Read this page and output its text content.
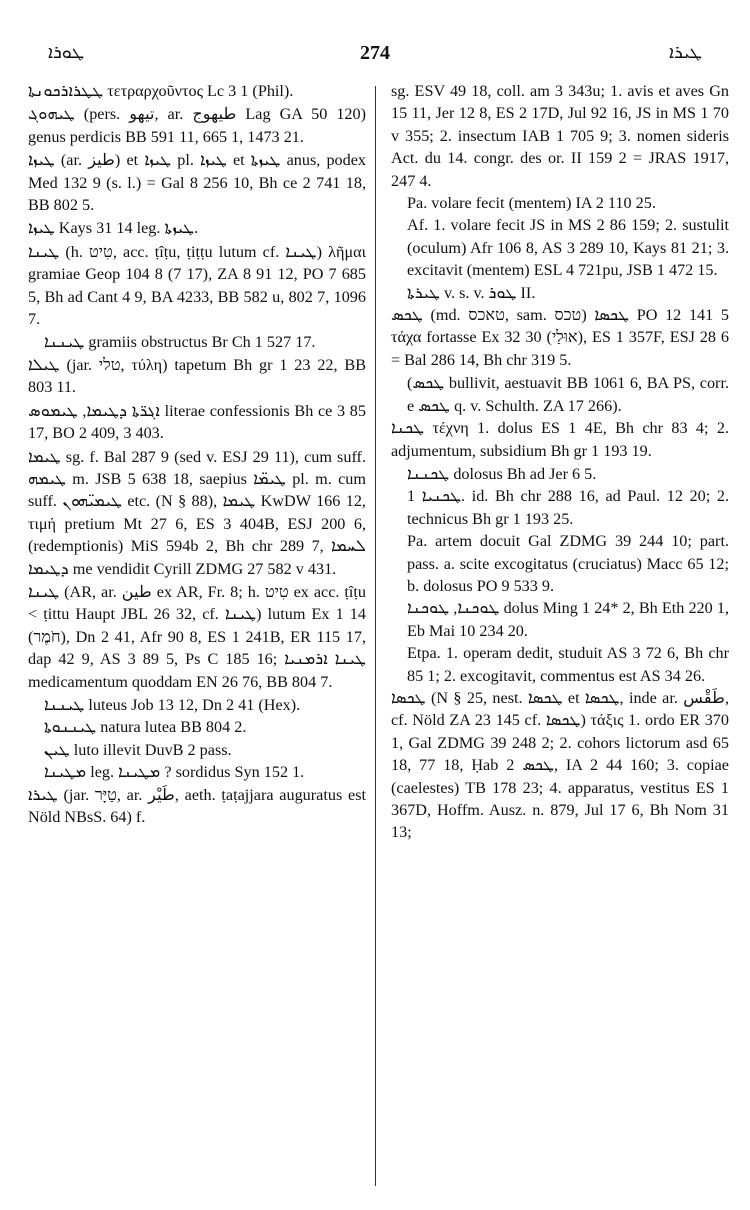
ܛܘܪܐ	274	ܛܝܪܐ

ܛܛܪܐܪܟܘܢܬܐ τετραρχοῦντος Lc 3 1 (Phil).

ܛܝܗܘܓ (pers. تیهو, ar. طيهوج Lag GA 50 120) genus perdicis BB 591 11, 665 1, 1473 21.

ܛܝܙܐ (ar. طيز) et ܛܝܙܐ pl. ܛܝܙܐ et ܛܝܙܬܐ anus, podex Med 132 9 (s. l.) = Gal 8 256 10, Bh ce 2 741 18, BB 802 5.

ܛܝܙܐ Kays 31 14 leg. ܛܝܙܬܐ.

ܛܝܢܐ (h. טִיט, acc. ṭîṭu, ṭiṭṭu lutum cf. ܛܝܢܐ) λῆμαι gramiae Geop 104 8 (7 17), ZA 8 91 12, PO 7 685 5, Bh ad Cant 4 9, BA 4233, BB 582 u, 802 7, 1096 7.

ܛܝܢܢܐ gramiis obstructus Br Ch 1 527 17.

ܛܝܠܐ (jar. טלי, τύλη) tapetum Bh gr 1 23 22, BB 803 11.

ܐܓܪ̈ܬܐ ܕܛܝܡܐ, ܛܝܡܘܣ literae confessionis Bh ce 3 85 17, BO 2 409, 3 403.

ܛܝܡܐ sg. f. Bal 287 9 (sed v. ESJ 29 11), cum suff. ܛܝܡܗ m. JSB 5 638 18, saepius ܛܝܡ̈ܐ pl. m. cum suff. ܛܝܡܝ̈ܗܘܢ etc. (N § 88), ܛܝܡܐ KwDW 166 12, τιμή pretium Mt 27 6, ES 3 404B, ESJ 200 6, (redemptionis) MiS 594b 2, Bh chr 289 7, ܠܚܡܐ ܕܛܝܡܐ me vendidit Cyrill ZDMG 27 582 v 431.

ܛܝܢܐ (AR, ar. طين ex AR, Fr. 8; h. טִיט ex acc. ṭîṭu < ṭittu Haupt JBL 26 32, cf. ܛܝܢܐ) lutum Ex 1 14 (חֹמֶר), Dn 2 41, Afr 90 8, ES 1 241B, ER 115 17, dap 42 9, AS 3 89 5, Ps C 185 16; ܛܝܢܐ ܐܪܡܢܝܐ medicamentum quoddam EN 26 76, BB 804 7.

ܛܝܢܢܐ luteus Job 13 12, Dn 2 41 (Hex).

ܛܝܢܢܘܬܐ natura lutea BB 804 2.

ܛܝܢ luto illevit DuvB 2 pass.

ܡܛܝܢܐ leg. ܡܛܝܢܐ ? sordidus Syn 152 1.

ܛܝܪܐ (jar. טַיָּר, ar. طَيْر, aeth. ṭaṭajjara auguratus est Nöld NBsS. 64) f.

sg. ESV 49 18, coll. am 3 343u; 1. avis et aves Gn 15 11, Jer 12 8, ES 2 17D, Jul 92 16, JS in MS 1 70 v 355; 2. insectum IAB 1 705 9; 3. nomen sideris Act. du 14. congr. des or. II 159 2 = JRAS 1917, 247 4.

Pa. volare fecit (mentem) IA 2 110 25.

Af. 1. volare fecit JS in MS 2 86 159; 2. sustulit (oculum) Afr 106 8, AS 3 289 10, Kays 81 21; 3. excitavit (mentem) ESL 4 721pu, JSB 1 472 15.

ܛܝܪܬܐ v. s. v. ܛܘܪ II.

ܛܟܣ (md. טאכס, sam. טכס) ܛܟܣܐ PO 12 141 5 τάχα fortasse Ex 32 30 (אוּלַי), ES 1 357F, ESJ 28 6 = Bal 286 14, Bh chr 319 5.

(ܛܟܣ bullivit, aestuavit BB 1061 6, BA PS, corr. e ܛܟܣ q. v. Schulth. ZA 17 266).

ܛܟܢܐ τέχνη 1. dolus ES 1 4E, Bh chr 83 4; 2. adjumentum, subsidium Bh gr 1 193 19.

ܛܟܢܢܐ dolosus Bh ad Jer 6 5.

ܛܟܢܝܐ 1. id. Bh chr 288 16, ad Paul. 12 20; 2. technicus Bh gr 1 193 25.

Pa. artem docuit Gal ZDMG 39 244 10; part. pass. a. scite excogitatus (cruciatus) Macc 65 12; b. dolosus PO 9 533 9.

ܛܘܟܢܐ, ܛܘܟܢܐ dolus Ming 1 24* 2, Bh Eth 220 1, Eb Mai 10 234 20.

Etpa. 1. operam dedit, studuit AS 3 72 6, Bh chr 85 1; 2. excogitavit, commentus est AS 34 26.

ܛܟܣܐ (N § 25, nest. ܛܟܣܐ et ܛܟܣܐ, inde ar. طَقْس, cf. Nöld ZA 23 145 cf. ܛܟܣܐ) τάξις 1. ordo ER 370 1, Gal ZDMG 39 248 2; 2. cohors lictorum asd 65 18, 77 18, Ḥab ܛܟܣ 2, IA 2 44 160; 3. copiae (caelestes) TB 178 23; 4. apparatus, vestitus ES 1 367D, Hoffm. Ausz. n. 879, Jul 17 6, Bh Nom 31 13;
